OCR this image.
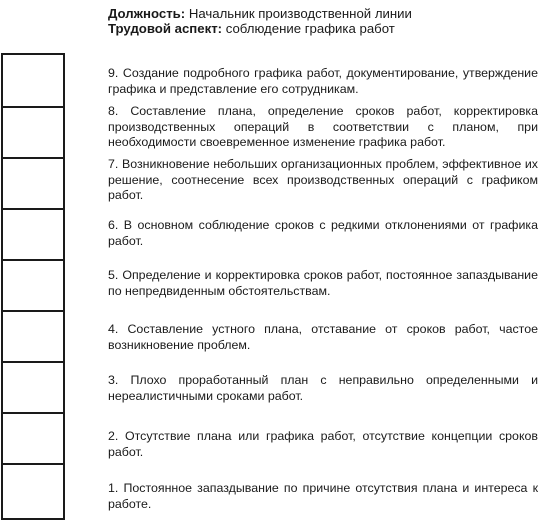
Должность: Начальник производственной линии
Трудовой аспект: соблюдение графика работ
9. Создание подробного графика работ, документирование, утверждение графика и представление его сотрудникам.
8. Составление плана, определение сроков работ, корректировка производственных операций в соответствии с планом, при необходимости своевременное изменение графика работ.
7. Возникновение небольших организационных проблем, эффективное их решение, соотнесение всех производственных операций с графиком работ.
6. В основном соблюдение сроков с редкими отклонениями от графика работ.
5. Определение и корректировка сроков работ, постоянное запаздывание по непредвиденным обстоятельствам.
4. Составление устного плана, отставание от сроков работ, частое возникновение проблем.
3. Плохо проработанный план с неправильно определенными и нереалистичными сроками работ.
2. Отсутствие плана или графика работ, отсутствие концепции сроков работ.
1. Постоянное запаздывание по причине отсутствия плана и интереса к работе.
